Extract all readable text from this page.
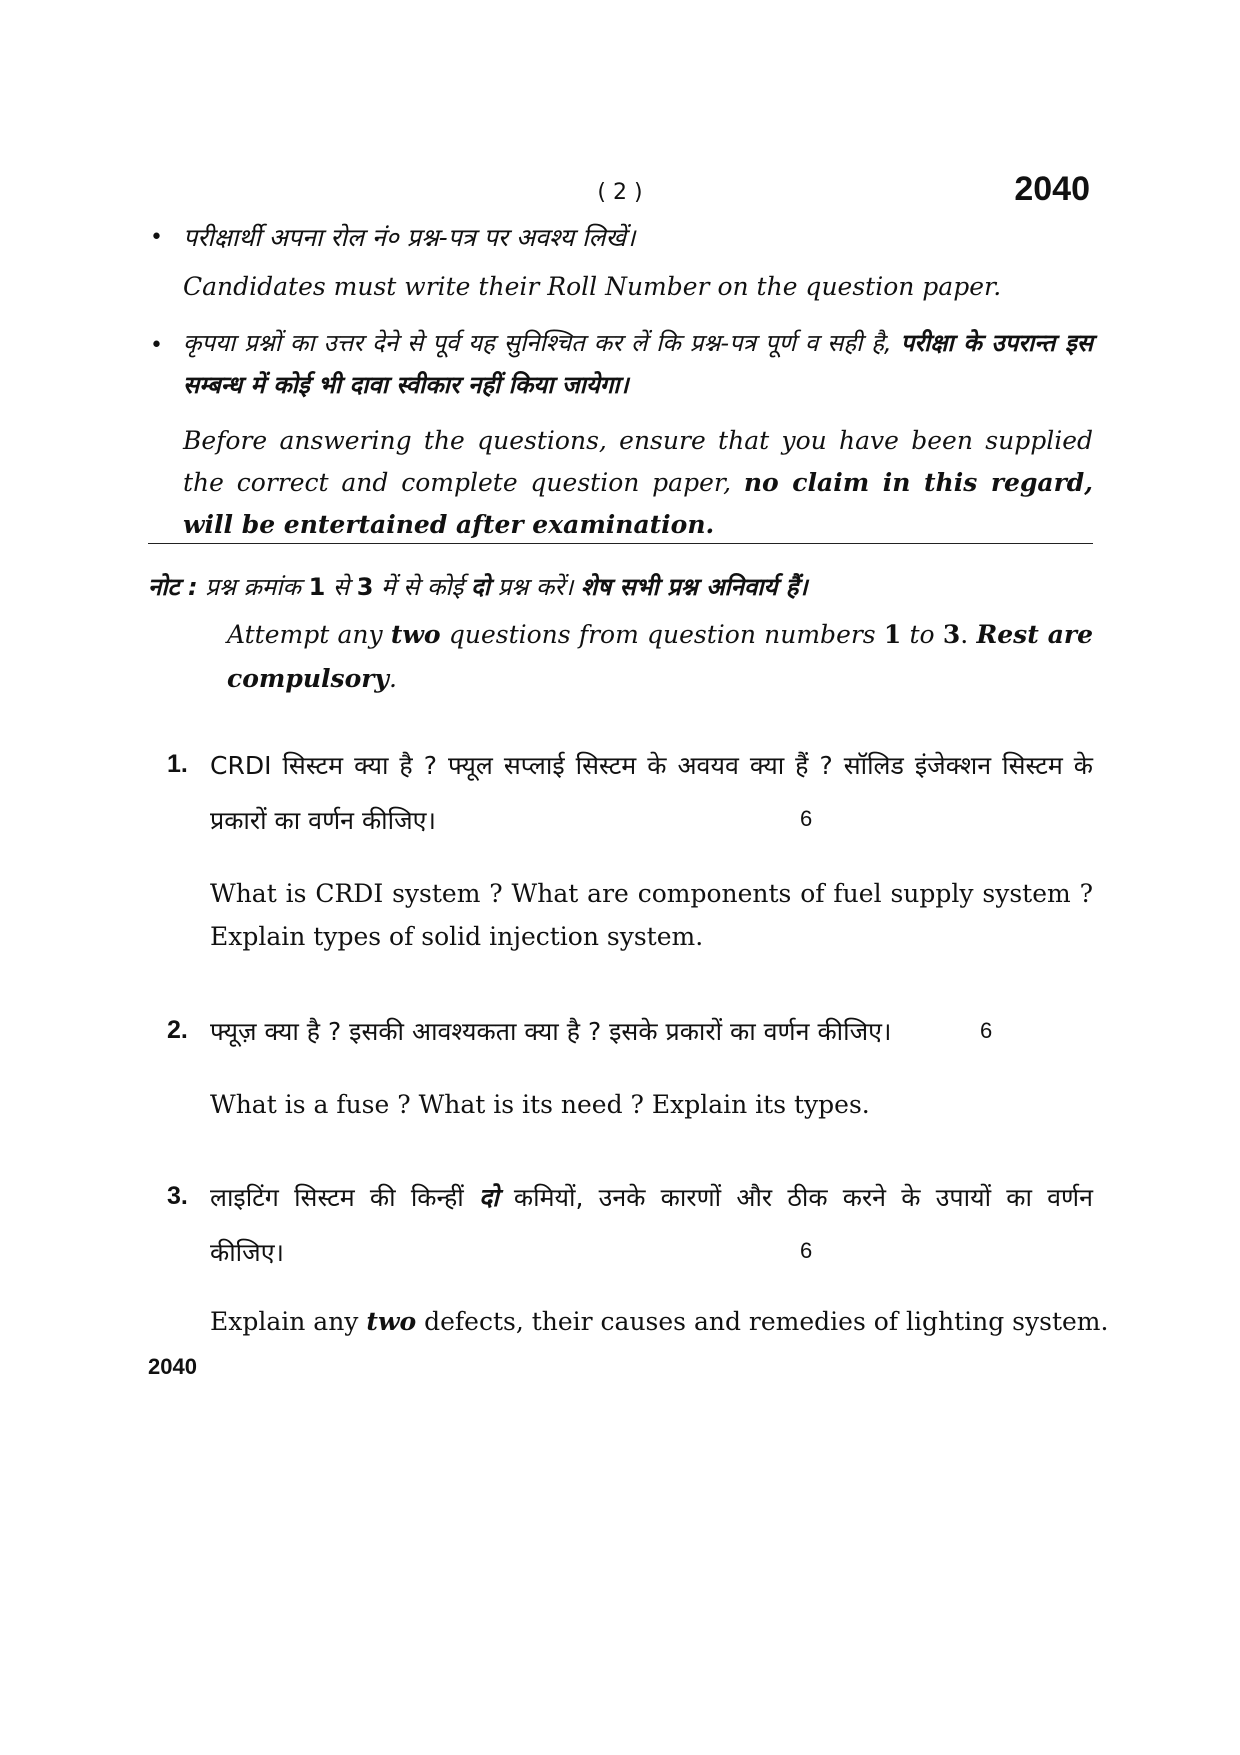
( 2 )	2040
• परीक्षार्थी अपना रोल नं० प्रश्न-पत्र पर अवश्य लिखें।
Candidates must write their Roll Number on the question paper.
• कृपया प्रश्नों का उत्तर देने से पूर्व यह सुनिश्चित कर लें कि प्रश्न-पत्र पूर्ण व सही है, परीक्षा के उपरान्त इस सम्बन्ध में कोई भी दावा स्वीकार नहीं किया जायेगा।
Before answering the questions, ensure that you have been supplied the correct and complete question paper, no claim in this regard, will be entertained after examination.
नोट : प्रश्न क्रमांक 1 से 3 में से कोई दो प्रश्न करें। शेष सभी प्रश्न अनिवार्य हैं।
Attempt any two questions from question numbers 1 to 3. Rest are compulsory.
1. CRDI सिस्टम क्या है ? फ्यूल सप्लाई सिस्टम के अवयव क्या हैं ? सॉलिड इंजेक्शन सिस्टम के
प्रकारों का वर्णन कीजिए।	6
What is CRDI system ? What are components of fuel supply system ? Explain types of solid injection system.
2. फ्यूज़ क्या है ? इसकी आवश्यकता क्या है ? इसके प्रकारों का वर्णन कीजिए।	6
What is a fuse ? What is its need ? Explain its types.
3. लाइटिंग सिस्टम की किन्हीं दो कमियों, उनके कारणों और ठीक करने के उपायों का वर्णन
कीजिए।	6
Explain any two defects, their causes and remedies of lighting system.
2040
